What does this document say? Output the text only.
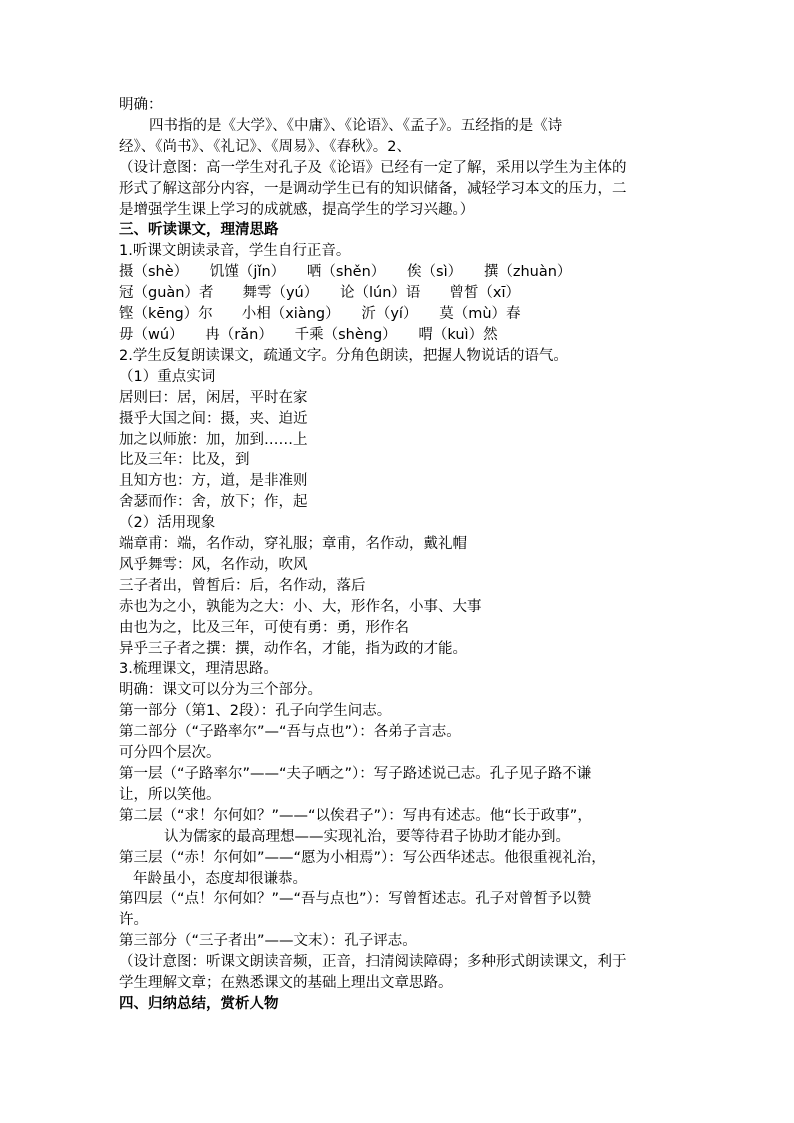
明确：

四书指的是《大学》、《中庸》、《论语》、《孟子》。五经指的是《诗

经》、《尚书》、《礼记》、《周易》、《春秋》。2、

（设计意图：高一学生对孔子及《论语》已经有一定了解，采用以学生为主体的

形式了解这部分内容，一是调动学生已有的知识储备，减轻学习本文的压力，二

是增强学生课上学习的成就感，提高学生的学习兴趣。）

三、听读课文，理清思路

1.听课文朗读录音，学生自行正音。

摄（shè）　　饥馑（jǐn）　　哂（shěn）　　俟（sì）　　撰（zhuàn）

冠（guàn）者　　舞雩（yú）　　论（lún）语　　曾皙（xī）

铿（kēng）尔　　小相（xiàng）　　沂（yí）　　莫（mù）春

毋（wú）　　冉（rǎn）　　千乘（shèng）　　喟（kuì）然

2.学生反复朗读课文，疏通文字。分角色朗读，把握人物说话的语气。

（1）重点实词

居则曰：居，闲居，平时在家

摄乎大国之间：摄，夹、迫近

加之以师旅：加，加到……上

比及三年：比及，到

且知方也：方，道，是非准则

舍瑟而作：舍，放下；作，起

（2）活用现象

端章甫：端，名作动，穿礼服；章甫，名作动，戴礼帽

风乎舞雩：风，名作动，吹风

三子者出，曾皙后：后，名作动，落后

赤也为之小，孰能为之大：小、大，形作名，小事、大事

由也为之，比及三年，可使有勇：勇，形作名

异乎三子者之撰：撰，动作名，才能，指为政的才能。

3.梳理课文，理清思路。

明确：课文可以分为三个部分。

第一部分（第1、2段）：孔子向学生问志。

第二部分（“子路率尔”—“吾与点也”）：各弟子言志。

可分四个层次。

第一层（“子路率尔”——“夫子哂之”）：写子路述说己志。孔子见子路不谦

让，所以笑他。

第二层（“求！尔何如？”——“以俟君子”）：写冉有述志。他“长于政事”，

认为儒家的最高理想——实现礼治，要等待君子协助才能办到。

第三层（“赤！尔何如”——“愿为小相焉”）：写公西华述志。他很重视礼治，

年龄虽小，态度却很谦恭。

第四层（“点！尔何如？”—“吾与点也”）：写曾皙述志。孔子对曾皙予以赞

许。

第三部分（“三子者出”——文末）：孔子评志。

（设计意图：听课文朗读音频，正音，扫清阅读障碍；多种形式朗读课文，利于

学生理解文章；在熟悉课文的基础上理出文章思路。

四、归纳总结，赏析人物
